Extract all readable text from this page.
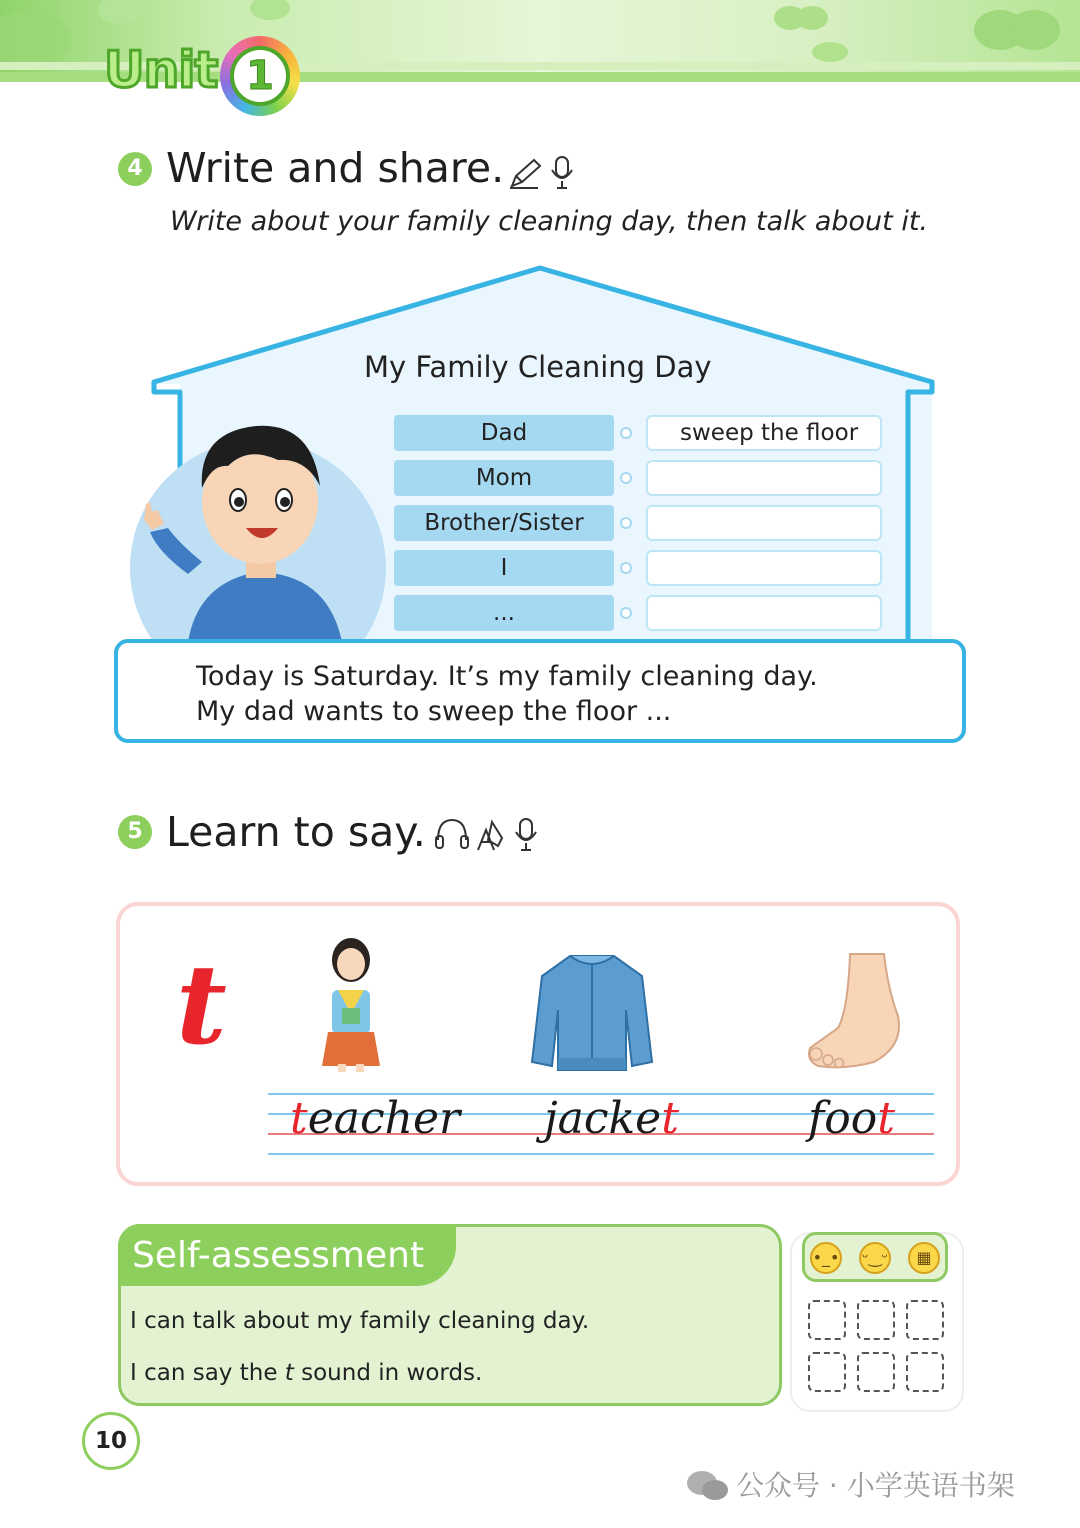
Unit 1
4 Write and share.
Write about your family cleaning day, then talk about it.
My Family Cleaning Day
Dad
Mom
Brother/Sister
I
...
sweep the floor
Today is Saturday. It’s my family cleaning day.
My dad wants to sweep the floor ...
5 Learn to say.
t
teacher jacket	foot
Self-assessment
I can talk about my family cleaning day.
I can say the t sound in words.
•_• ᵕ‿ᵕ	▦
10
公众号 · 小学英语书架
